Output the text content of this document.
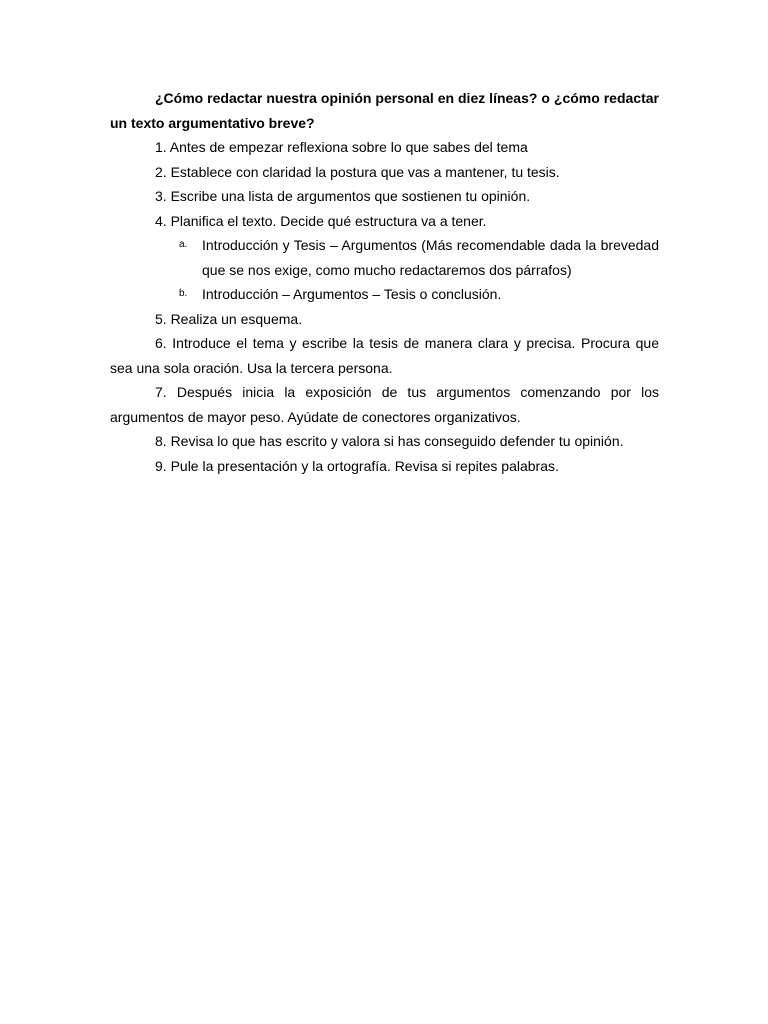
¿Cómo redactar nuestra opinión personal en diez líneas? o ¿cómo redactar un texto argumentativo breve?

1. Antes de empezar reflexiona sobre lo que sabes del tema

2. Establece con claridad la postura que vas a mantener, tu tesis.

3. Escribe una lista de argumentos que sostienen tu opinión.

4. Planifica el texto. Decide qué estructura va a tener.

a. Introducción y Tesis – Argumentos (Más recomendable dada la brevedad que se nos exige, como mucho redactaremos dos párrafos)

b. Introducción – Argumentos – Tesis o conclusión.

5. Realiza un esquema.

6. Introduce el tema y escribe la tesis de manera clara y precisa. Procura que sea una sola oración. Usa la tercera persona.

7. Después inicia la exposición de tus argumentos comenzando por los argumentos de mayor peso. Ayúdate de conectores organizativos.

8. Revisa lo que has escrito y valora si has conseguido defender tu opinión.

9. Pule la presentación y la ortografía. Revisa si repites palabras.
